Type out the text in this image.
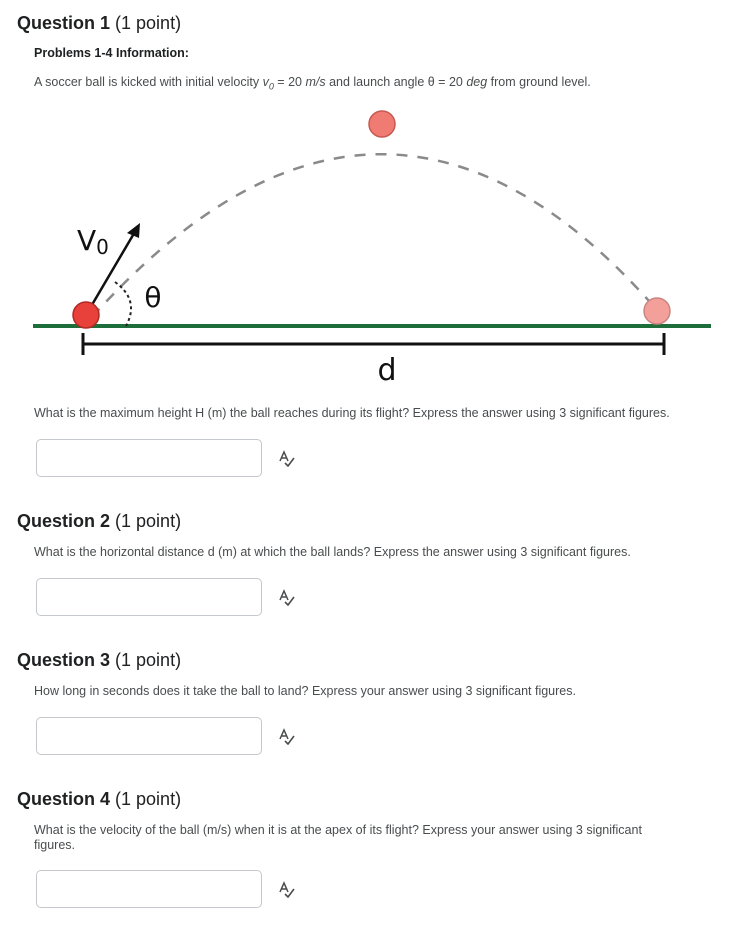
Question 1 (1 point)
Problems 1-4 Information:
A soccer ball is kicked with initial velocity $v_0 = 20$ m/s and launch angle θ = 20 deg from ground level.
d
θ
V0
What is the maximum height H (m) the ball reaches during its flight? Express the answer using 3 significant figures.
Question 2 (1 point)
What is the horizontal distance d (m) at which the ball lands? Express the answer using 3 significant figures.
Question 3 (1 point)
How long in seconds does it take the ball to land? Express your answer using 3 significant figures.
Question 4 (1 point)
What is the velocity of the ball (m/s) when it is at the apex of its flight? Express your answer using 3 significant figures.
